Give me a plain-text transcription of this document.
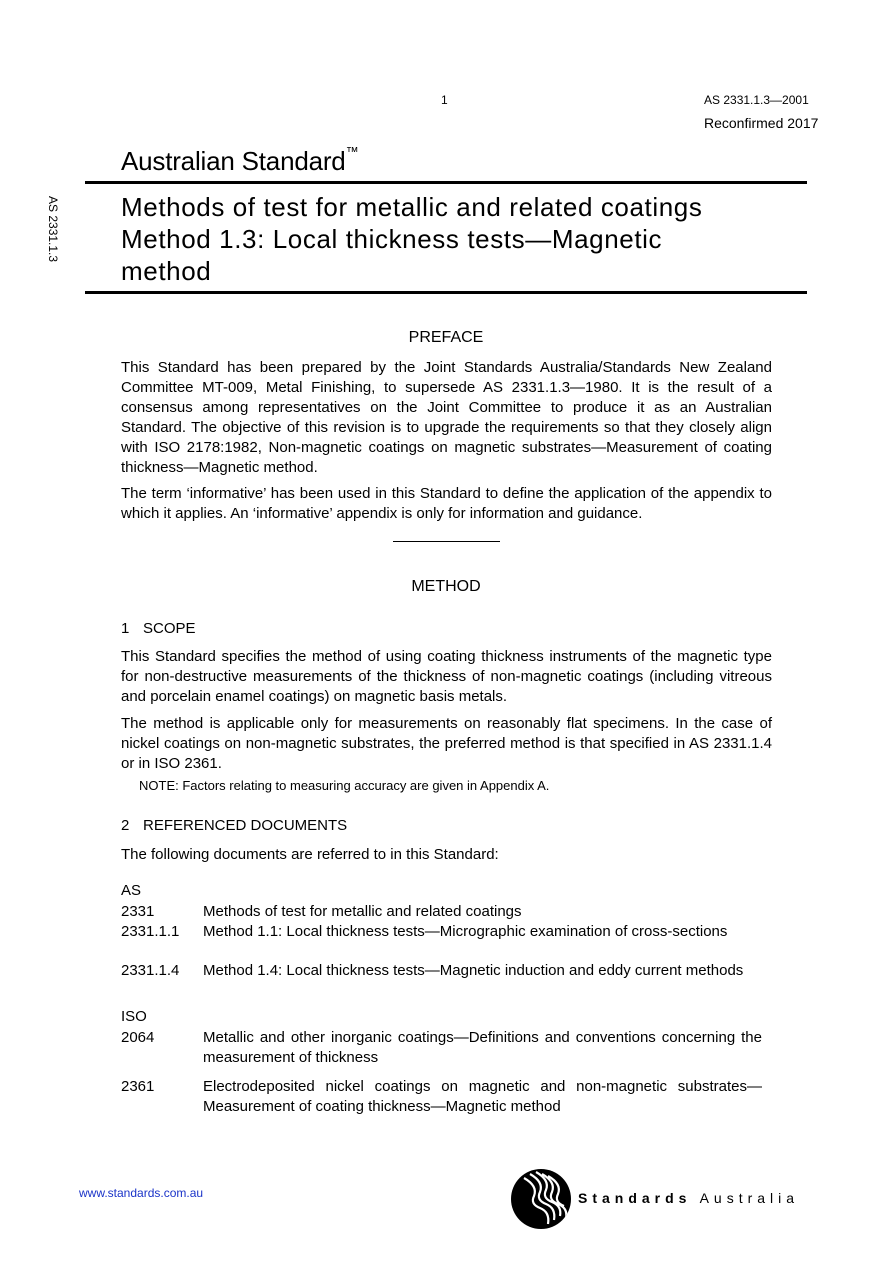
1	AS 2331.1.3—2001
Reconfirmed 2017
AS 2331.1.3
Australian Standard™
Methods of test for metallic and related coatings
Method 1.3: Local thickness tests—Magnetic
method
PREFACE
This Standard has been prepared by the Joint Standards Australia/Standards New Zealand Committee MT-009, Metal Finishing, to supersede AS 2331.1.3—1980. It is the result of a consensus among representatives on the Joint Committee to produce it as an Australian Standard. The objective of this revision is to upgrade the requirements so that they closely align with ISO 2178:1982, Non-magnetic coatings on magnetic substrates—Measurement of coating thickness—Magnetic method.
The term ‘informative’ has been used in this Standard to define the application of the appendix to which it applies. An ‘informative’ appendix is only for information and guidance.
METHOD
1 SCOPE
This Standard specifies the method of using coating thickness instruments of the magnetic type for non-destructive measurements of the thickness of non-magnetic coatings (including vitreous and porcelain enamel coatings) on magnetic basis metals.
The method is applicable only for measurements on reasonably flat specimens. In the case of nickel coatings on non-magnetic substrates, the preferred method is that specified in AS 2331.1.4 or in ISO 2361.
NOTE: Factors relating to measuring accuracy are given in Appendix A.
2 REFERENCED DOCUMENTS
The following documents are referred to in this Standard:
AS
2331	Methods of test for metallic and related coatings
2331.1.1 Method 1.1: Local thickness tests—Micrographic examination of cross-sections
2331.1.4 Method 1.4: Local thickness tests—Magnetic induction and eddy current methods
ISO
2064	Metallic and other inorganic coatings—Definitions and conventions concerning the measurement of thickness
2361	Electrodeposited nickel coatings on magnetic and non-magnetic substrates—Measurement of coating thickness—Magnetic method
www.standards.com.au	Standards Australia
